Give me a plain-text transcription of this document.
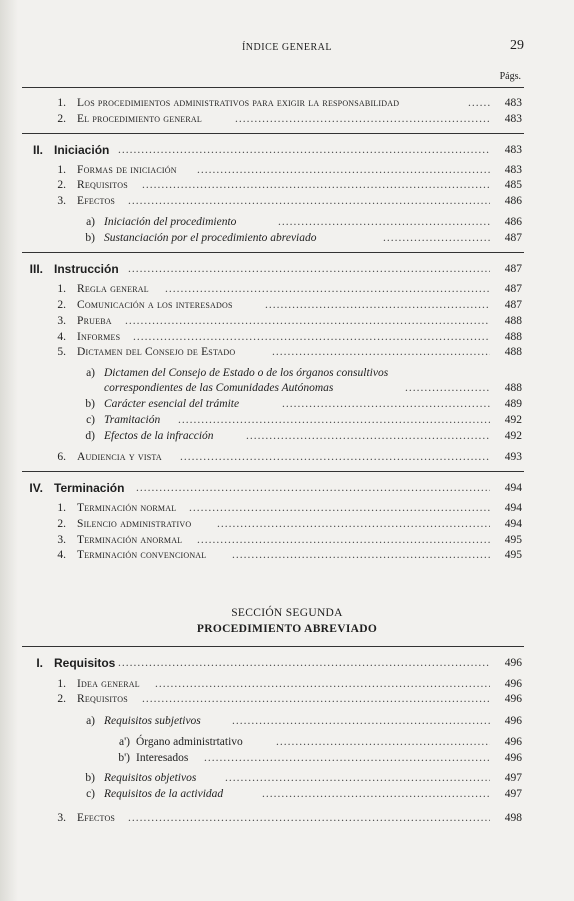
ÍNDICE GENERAL	29
Págs.
SECCIÓN SEGUNDA
PROCEDIMIENTO ABREVIADO
1. Los procedimientos administrativos para exigir la responsabilidad .....	483
2. El procedimiento general .....	483
II. Iniciación .....	483
1. Formas de iniciación .....	483
2. Requisitos .....	485
3. Efectos .....	486
a) Iniciación del procedimiento .....	486
b) Sustanciación por el procedimiento abreviado .....	487
III. Instrucción .....	487
1. Regla general .....	487
2. Comunicación a los interesados .....	487
3. Prueba .....	488
4. Informes .....	488
5. Dictamen del Consejo de Estado .....	488
a) Dictamen del Consejo de Estado o de los órganos consultivos
correspondientes de las Comunidades Autónomas .....	488
b) Carácter esencial del trámite .....	489
c) Tramitación .....	492
d) Efectos de la infracción .....	492
6. Audiencia y vista .....	493
IV. Terminación .....	494
1. Terminación normal .....	494
2. Silencio administrativo .....	494
3. Terminación anormal .....	495
4. Terminación convencional .....	495
I. Requisitos .....	496
1. Idea general .....	496
2. Requisitos .....	496
a) Requisitos subjetivos .....	496
a') Órgano administrtativo .....	496
b') Interesados .....	496
b) Requisitos objetivos .....	497
c) Requisitos de la actividad .....	497
3. Efectos .....	498
